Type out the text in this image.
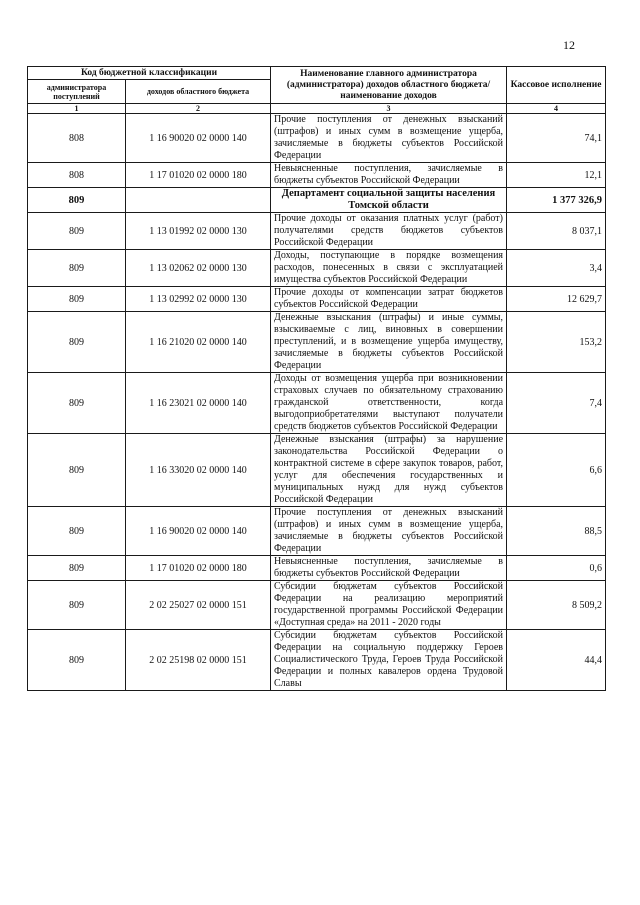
12
Код бюджетной классификации		Наименование главного администратора (администратора) доходов областного бюджета/ наименование доходов	Кассовое исполнение
администратора поступлений	доходов областного бюджета		
1	2	3	4
808	1 16 90020 02 0000 140	Прочие поступления от денежных взысканий (штрафов) и иных сумм в возмещение ущерба, зачисляемые в бюджеты субъектов Российской Федерации	74,1
808	1 17 01020 02 0000 180	Невыясненные поступления, зачисляемые в бюджеты субъектов Российской Федерации	12,1
809		Департамент социальной защиты населения Томской области	1 377 326,9
809	1 13 01992 02 0000 130	Прочие доходы от оказания платных услуг (работ) получателями средств бюджетов субъектов Российской Федерации	8 037,1
809	1 13 02062 02 0000 130	Доходы, поступающие в порядке возмещения расходов, понесенных в связи с эксплуатацией имущества субъектов Российской Федерации	3,4
809	1 13 02992 02 0000 130	Прочие доходы от компенсации затрат бюджетов субъектов Российской Федерации	12 629,7
809	1 16 21020 02 0000 140	Денежные взыскания (штрафы) и иные суммы, взыскиваемые с лиц, виновных в совершении преступлений, и в возмещение ущерба имуществу, зачисляемые в бюджеты субъектов Российской Федерации	153,2
809	1 16 23021 02 0000 140	Доходы от возмещения ущерба при возникновении страховых случаев по обязательному страхованию гражданской ответственности, когда выгодоприобретателями выступают получатели средств бюджетов субъектов Российской Федерации	7,4
809	1 16 33020 02 0000 140	Денежные взыскания (штрафы) за нарушение законодательства Российской Федерации о контрактной системе в сфере закупок товаров, работ, услуг для обеспечения государственных и муниципальных нужд для нужд субъектов Российской Федерации	6,6
809	1 16 90020 02 0000 140	Прочие поступления от денежных взысканий (штрафов) и иных сумм в возмещение ущерба, зачисляемые в бюджеты субъектов Российской Федерации	88,5
809	1 17 01020 02 0000 180	Невыясненные поступления, зачисляемые в бюджеты субъектов Российской Федерации	0,6
809	2 02 25027 02 0000 151	Субсидии бюджетам субъектов Российской Федерации на реализацию мероприятий государственной программы Российской Федерации «Доступная среда» на 2011 - 2020 годы	8 509,2
809	2 02 25198 02 0000 151	Субсидии бюджетам субъектов Российской Федерации на социальную поддержку Героев Социалистического Труда, Героев Труда Российской Федерации и полных кавалеров ордена Трудовой Славы	44,4
